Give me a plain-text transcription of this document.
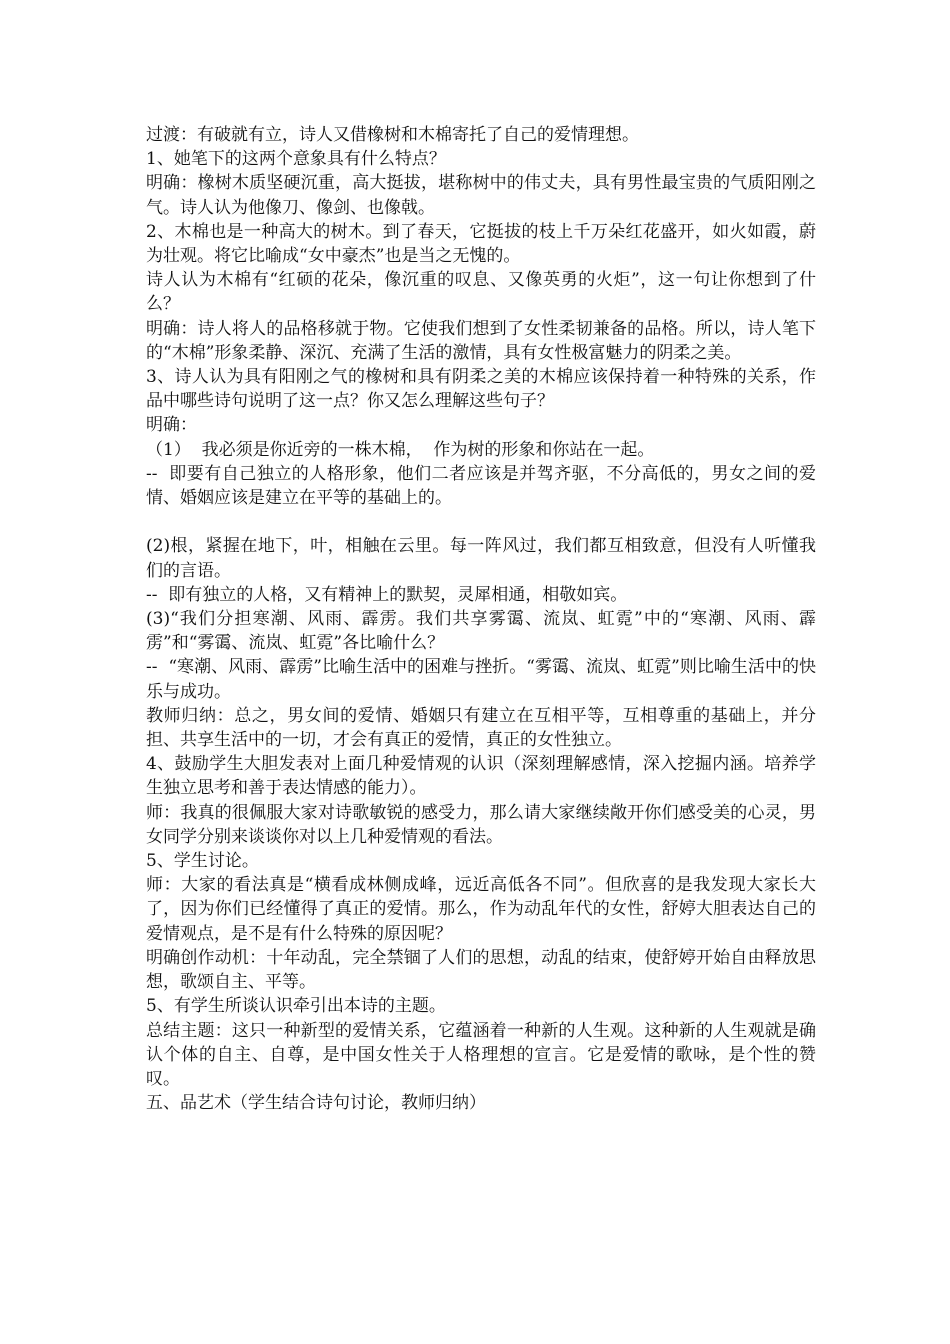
过渡：有破就有立，诗人又借橡树和木棉寄托了自己的爱情理想。

1、她笔下的这两个意象具有什么特点？

明确：橡树木质坚硬沉重，高大挺拔，堪称树中的伟丈夫，具有男性最宝贵的气质阳刚之气。诗人认为他像刀、像剑、也像戟。

2、木棉也是一种高大的树木。到了春天，它挺拔的枝上千万朵红花盛开，如火如霞，蔚为壮观。将它比喻成“女中豪杰”也是当之无愧的。

诗人认为木棉有“红硕的花朵，像沉重的叹息、又像英勇的火炬”，这一句让你想到了什么？

明确：诗人将人的品格移就于物。它使我们想到了女性柔韧兼备的品格。所以，诗人笔下的“木棉”形象柔静、深沉、充满了生活的激情，具有女性极富魅力的阴柔之美。

3、诗人认为具有阳刚之气的橡树和具有阴柔之美的木棉应该保持着一种特殊的关系，作品中哪些诗句说明了这一点？你又怎么理解这些句子？

明确：

（1）  我必须是你近旁的一株木棉，  作为树的形象和你站在一起。

--  即要有自己独立的人格形象，他们二者应该是并驾齐驱，不分高低的，男女之间的爱情、婚姻应该是建立在平等的基础上的。

(2)根，紧握在地下，叶，相触在云里。每一阵风过，我们都互相致意，但没有人听懂我们的言语。

--  即有独立的人格，又有精神上的默契，灵犀相通，相敬如宾。

(3)“我们分担寒潮、风雨、霹雳。我们共享雾霭、流岚、虹霓”中的“寒潮、风雨、霹雳”和“雾霭、流岚、虹霓”各比喻什么？

--  “寒潮、风雨、霹雳”比喻生活中的困难与挫折。“雾霭、流岚、虹霓”则比喻生活中的快乐与成功。

教师归纳：总之，男女间的爱情、婚姻只有建立在互相平等，互相尊重的基础上，并分担、共享生活中的一切，才会有真正的爱情，真正的女性独立。

4、鼓励学生大胆发表对上面几种爱情观的认识（深刻理解感情，深入挖掘内涵。培养学生独立思考和善于表达情感的能力）。

师：我真的很佩服大家对诗歌敏锐的感受力，那么请大家继续敞开你们感受美的心灵，男女同学分别来谈谈你对以上几种爱情观的看法。

5、学生讨论。

师：大家的看法真是“横看成林侧成峰，远近高低各不同”。但欣喜的是我发现大家长大了，因为你们已经懂得了真正的爱情。那么，作为动乱年代的女性，舒婷大胆表达自己的爱情观点，是不是有什么特殊的原因呢？

明确创作动机：十年动乱，完全禁锢了人们的思想，动乱的结束，使舒婷开始自由释放思想，歌颂自主、平等。

5、有学生所谈认识牵引出本诗的主题。

总结主题：这只一种新型的爱情关系，它蕴涵着一种新的人生观。这种新的人生观就是确认个体的自主、自尊，是中国女性关于人格理想的宣言。它是爱情的歌咏，是个性的赞叹。

五、品艺术（学生结合诗句讨论，教师归纳）
